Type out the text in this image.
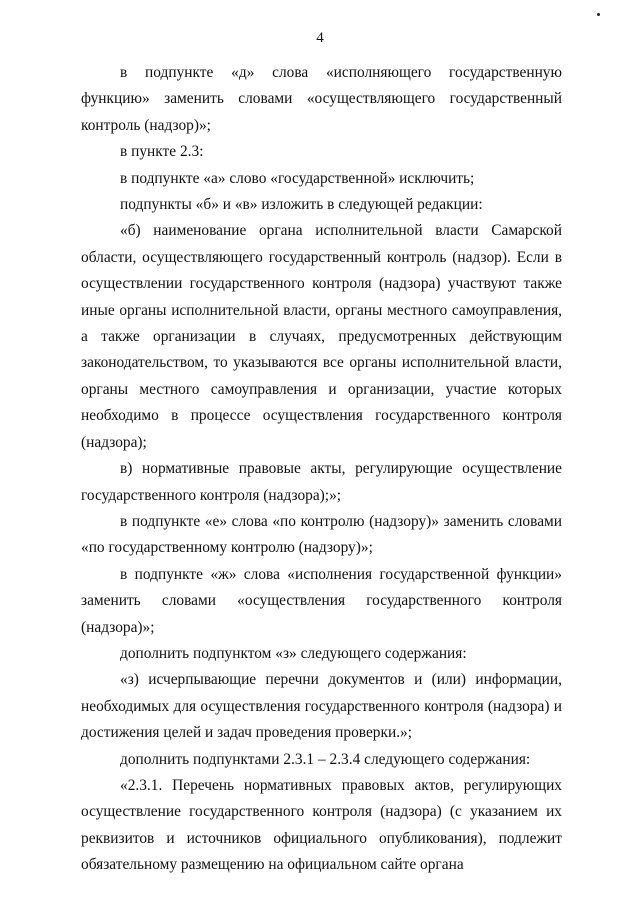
4

в подпункте «д» слова «исполняющего государственную функцию» заменить словами «осуществляющего государственный контроль (надзор)»;

в пункте 2.3:

в подпункте «а» слово «государственной» исключить;

подпункты «б» и «в» изложить в следующей редакции:

«б) наименование органа исполнительной власти Самарской области, осуществляющего государственный контроль (надзор). Если в осуществлении государственного контроля (надзора) участвуют также иные органы исполнительной власти, органы местного самоуправления, а также организации в случаях, предусмотренных действующим законодательством, то указываются все органы исполнительной власти, органы местного самоуправления и организации, участие которых необходимо в процессе осуществления государственного контроля (надзора);

в) нормативные правовые акты, регулирующие осуществление государственного контроля (надзора);»;

в подпункте «е» слова «по контролю (надзору)» заменить словами «по государственному контролю (надзору)»;

в подпункте «ж» слова «исполнения государственной функции» заменить словами «осуществления государственного контроля (надзора)»;

дополнить подпунктом «з» следующего содержания:

«з) исчерпывающие перечни документов и (или) информации, необходимых для осуществления государственного контроля (надзора) и достижения целей и задач проведения проверки.»;

дополнить подпунктами 2.3.1 – 2.3.4 следующего содержания:

«2.3.1. Перечень нормативных правовых актов, регулирующих осуществление государственного контроля (надзора) (с указанием их реквизитов и источников официального опубликования), подлежит обязательному размещению на официальном сайте органа
